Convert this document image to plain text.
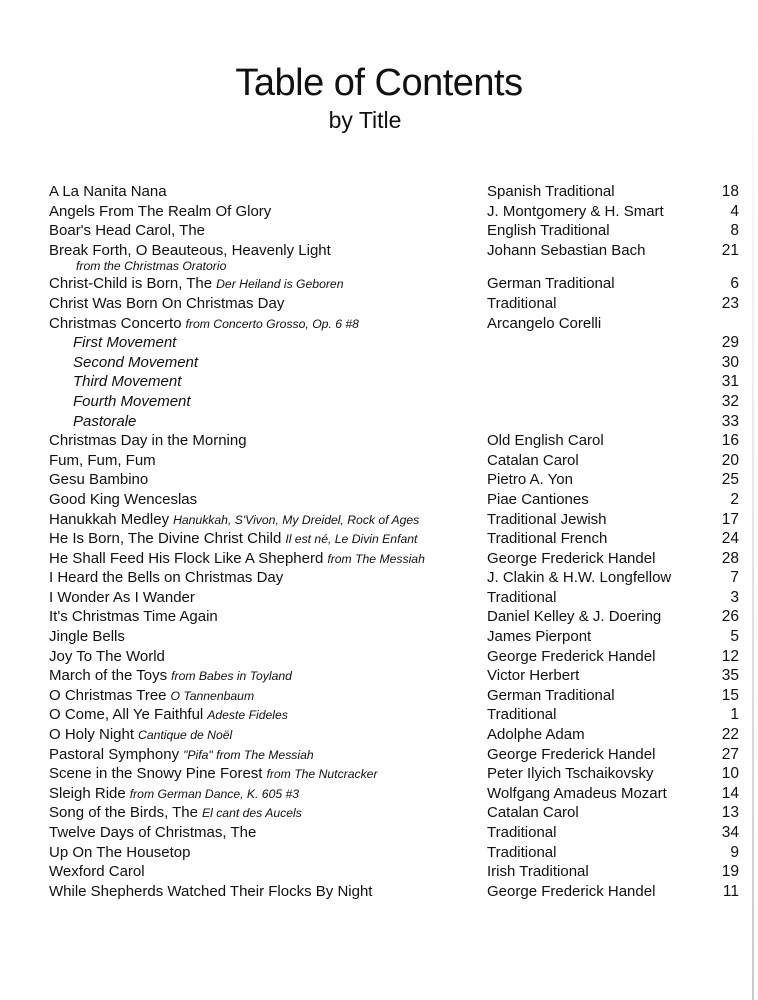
Table of Contents
by Title
A La Nanita Nana	Spanish Traditional	18
Angels From The Realm Of Glory	J. Montgomery & H. Smart	4
Boar's Head Carol, The	English Traditional	8
Break Forth, O Beauteous, Heavenly Light	Johann Sebastian Bach	21
from the Christmas Oratorio
Christ-Child is Born, The Der Heiland is Geboren	German Traditional	6
Christ Was Born On Christmas Day	Traditional	23
Christmas Concerto from Concerto Grosso, Op. 6 #8	Arcangelo Corelli
First Movement	29
Second Movement	30
Third Movement	31
Fourth Movement	32
Pastorale	33
Christmas Day in the Morning	Old English Carol	16
Fum, Fum, Fum	Catalan Carol	20
Gesu Bambino	Pietro A. Yon	25
Good King Wenceslas	Piae Cantiones	2
Hanukkah Medley Hanukkah, S'Vivon, My Dreidel, Rock of Ages	Traditional Jewish	17
He Is Born, The Divine Christ Child Il est né, Le Divin Enfant	Traditional French	24
He Shall Feed His Flock Like A Shepherd from The Messiah	George Frederick Handel	28
I Heard the Bells on Christmas Day	J. Clakin & H.W. Longfellow	7
I Wonder As I Wander	Traditional	3
It's Christmas Time Again	Daniel Kelley & J. Doering	26
Jingle Bells	James Pierpont	5
Joy To The World	George Frederick Handel	12
March of the Toys from Babes in Toyland	Victor Herbert	35
O Christmas Tree O Tannenbaum	German Traditional	15
O Come, All Ye Faithful Adeste Fideles	Traditional	1
O Holy Night Cantique de Noël	Adolphe Adam	22
Pastoral Symphony "Pifa" from The Messiah	George Frederick Handel	27
Scene in the Snowy Pine Forest from The Nutcracker	Peter Ilyich Tschaikovsky	10
Sleigh Ride from German Dance, K. 605 #3	Wolfgang Amadeus Mozart	14
Song of the Birds, The El cant des Aucels	Catalan Carol	13
Twelve Days of Christmas, The	Traditional	34
Up On The Housetop	Traditional	9
Wexford Carol	Irish Traditional	19
While Shepherds Watched Their Flocks By Night	George Frederick Handel	11
